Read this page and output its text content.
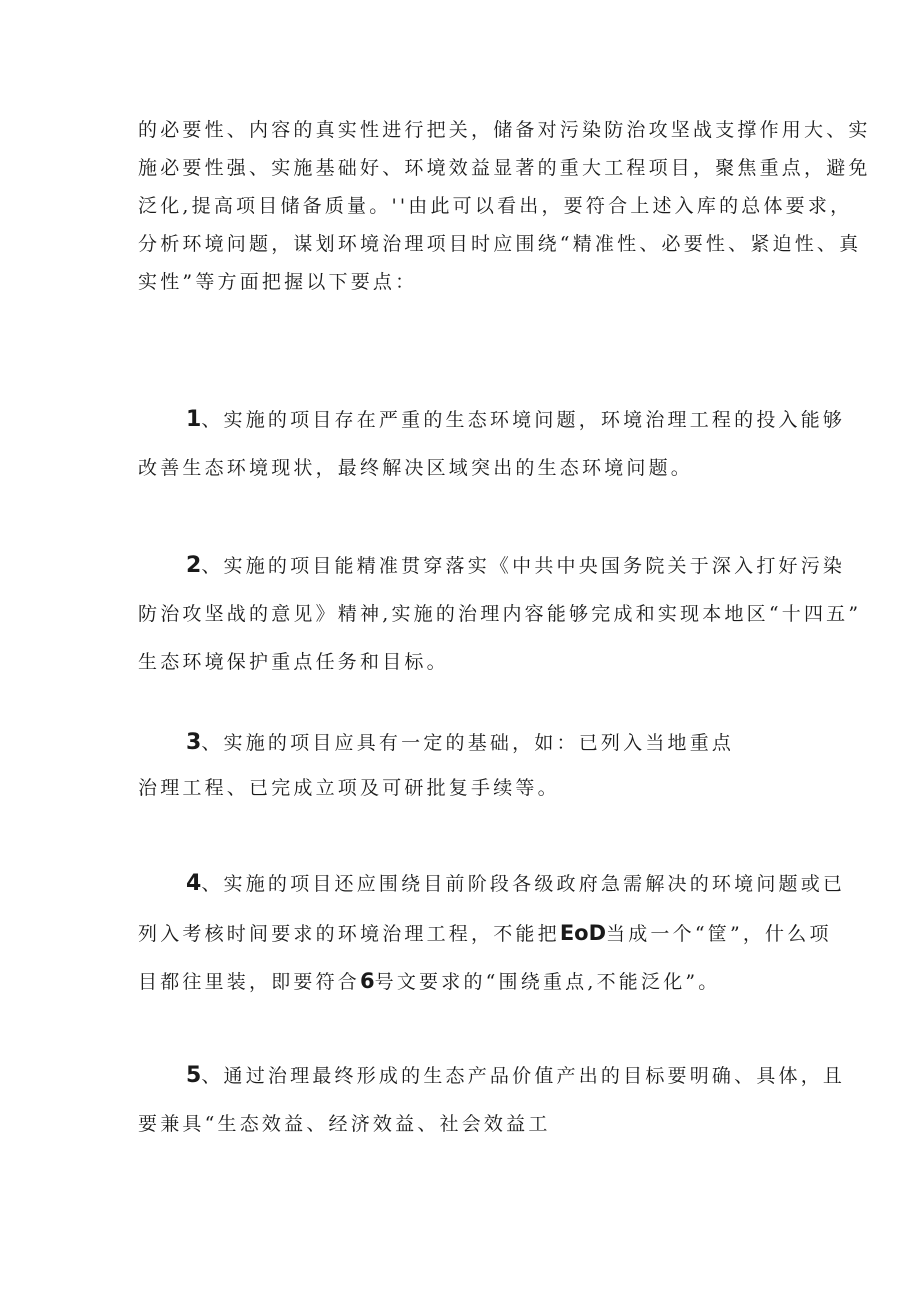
的必要性、内容的真实性进行把关，储备对污染防治攻坚战支撑作用大、实
施必要性强、实施基础好、环境效益显著的重大工程项目，聚焦重点，避免
泛化,提高项目储备质量。''由此可以看出，要符合上述入库的总体要求，
分析环境问题，谋划环境治理项目时应围绕“精准性、必要性、紧迫性、真
实性”等方面把握以下要点：
1、实施的项目存在严重的生态环境问题，环境治理工程的投入能够
改善生态环境现状，最终解决区域突出的生态环境问题。
2、实施的项目能精准贯穿落实《中共中央国务院关于深入打好污染
防治攻坚战的意见》精神,实施的治理内容能够完成和实现本地区“十四五”
生态环境保护重点任务和目标。
3、实施的项目应具有一定的基础，如：已列入当地重点
治理工程、已完成立项及可研批复手续等。
4、实施的项目还应围绕目前阶段各级政府急需解决的环境问题或已
列入考核时间要求的环境治理工程，不能把EoD当成一个“筐”，什么项
目都往里装，即要符合6号文要求的“围绕重点,不能泛化”。
5、通过治理最终形成的生态产品价值产出的目标要明确、具体，且
要兼具“生态效益、经济效益、社会效益工
